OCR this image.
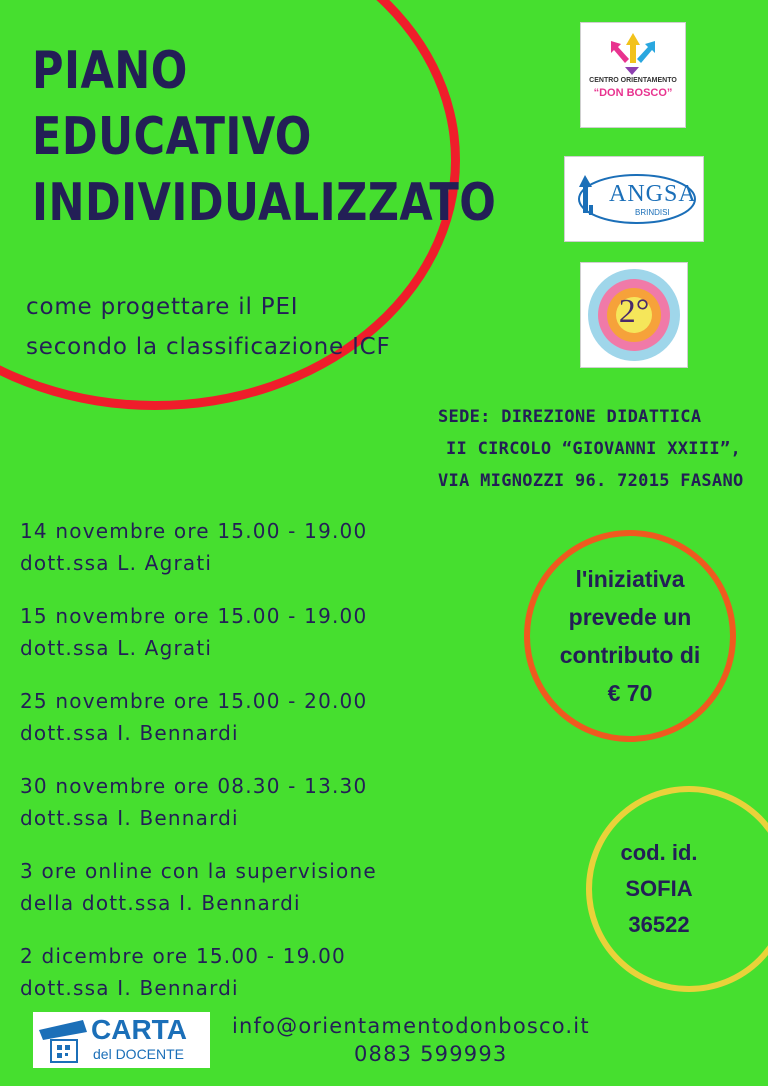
PIANO
EDUCATIVO
INDIVIDUALIZZATO
come progettare il PEI
secondo la classificazione ICF
CENTRO ORIENTAMENTO
“DON BOSCO”
ANGSA
BRINDISI
2°
SEDE: DIREZIONE DIDATTICA
II CIRCOLO “GIOVANNI XXIII”,
VIA MIGNOZZI 96. 72015 FASANO
14 novembre ore 15.00 - 19.00
dott.ssa L. Agrati
15 novembre ore 15.00 - 19.00
dott.ssa L. Agrati
25 novembre ore 15.00 - 20.00
dott.ssa I. Bennardi
30 novembre ore 08.30 - 13.30
dott.ssa I. Bennardi
3 ore online con la supervisione
della dott.ssa I. Bennardi
2 dicembre ore 15.00 - 19.00
dott.ssa I. Bennardi
l'iniziativa
prevede un
contributo di
€ 70
cod. id.
SOFIA
36522
CARTA
del DOCENTE
info@orientamentodonbosco.it
0883 599993
